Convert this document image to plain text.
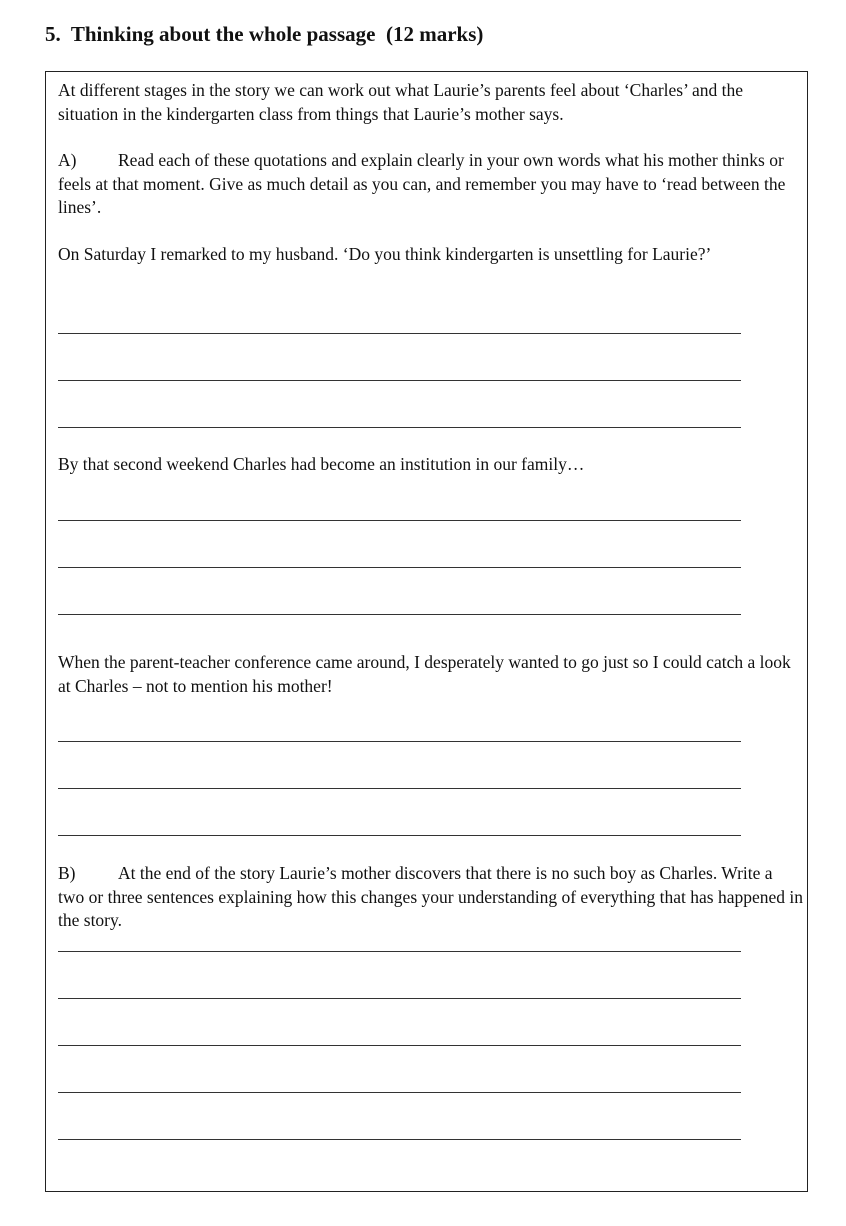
5.  Thinking about the whole passage  (12 marks)
At different stages in the story we can work out what Laurie’s parents feel about ‘Charles’ and the situation in the kindergarten class from things that Laurie’s mother says.
A) Read each of these quotations and explain clearly in your own words what his mother thinks or feels at that moment. Give as much detail as you can, and remember you may have to ‘read between the lines’.
On Saturday I remarked to my husband. ‘Do you think kindergarten is unsettling for Laurie?’
By that second weekend Charles had become an institution in our family…
When the parent-teacher conference came around, I desperately wanted to go just so I could catch a look at Charles – not to mention his mother!
B) At the end of the story Laurie’s mother discovers that there is no such boy as Charles. Write a two or three sentences explaining how this changes your understanding of everything that has happened in the story.
